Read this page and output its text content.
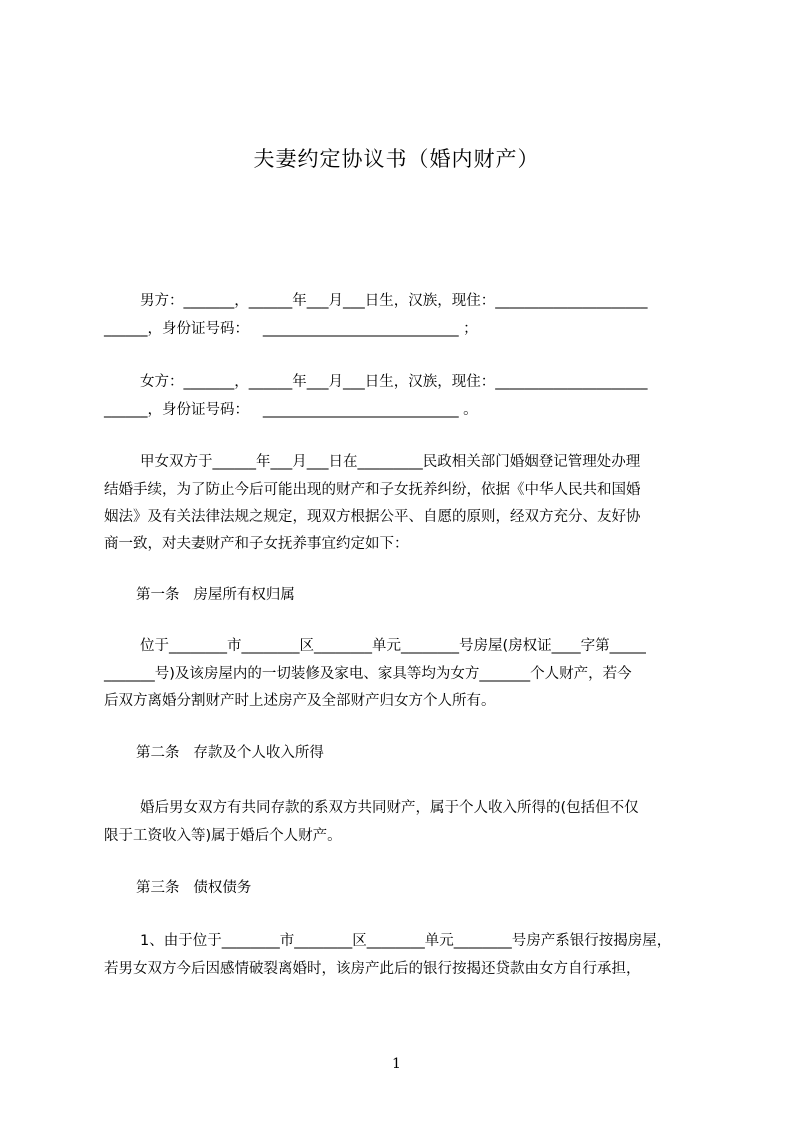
夫妻约定协议书（婚内财产）
男方：_______，______年___月___日生，汉族，现住：_____________________
______，身份证号码：   ___________________________ ；
女方：_______，______年___月___日生，汉族，现住：_____________________
______，身份证号码：   ___________________________ 。
甲女双方于______年___月___日在_________民政相关部门婚姻登记管理处办理
结婚手续，为了防止今后可能出现的财产和子女抚养纠纷，依据《中华人民共和国婚
姻法》及有关法律法规之规定，现双方根据公平、自愿的原则，经双方充分、友好协
商一致，对夫妻财产和子女抚养事宜约定如下：
第一条   房屋所有权归属
位于________市________区________单元________号房屋(房权证____字第_____
_______号)及该房屋内的一切装修及家电、家具等均为女方_______个人财产，若今
后双方离婚分割财产时上述房产及全部财产归女方个人所有。
第二条   存款及个人收入所得
婚后男女双方有共同存款的系双方共同财产，属于个人收入所得的(包括但不仅
限于工资收入等)属于婚后个人财产。
第三条   债权债务
1、由于位于________市________区________单元________号房产系银行按揭房屋，
若男女双方今后因感情破裂离婚时，该房产此后的银行按揭还贷款由女方自行承担，
1
